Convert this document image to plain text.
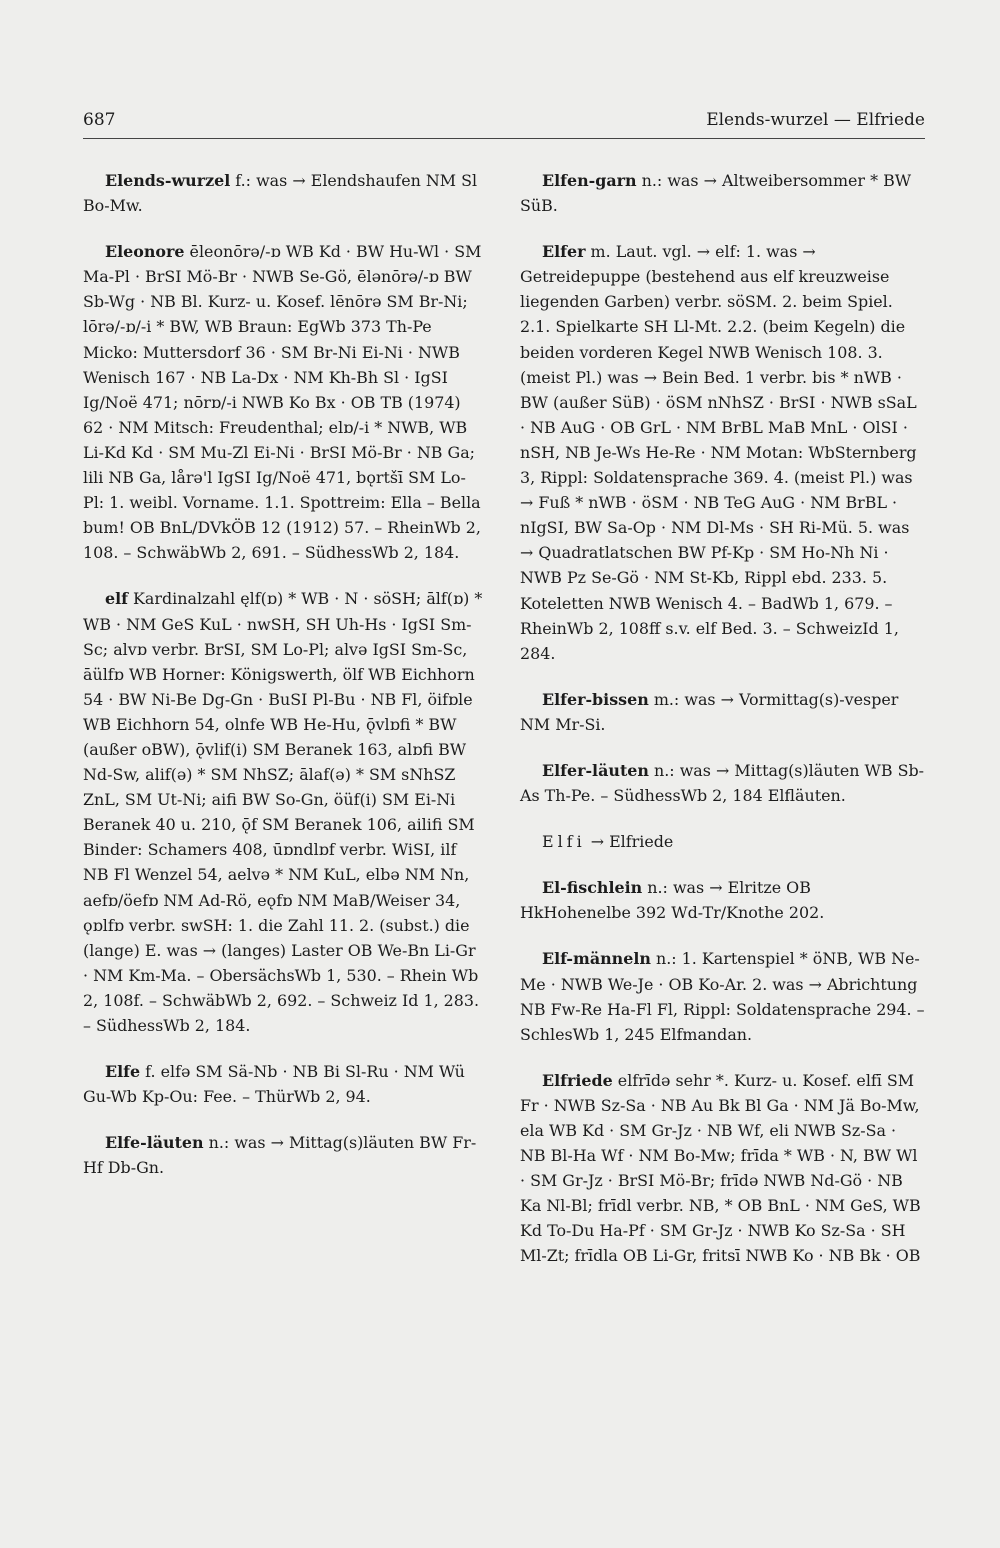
687	Elends-wurzel — Elfriede

Elends-wurzel f.: was → Elendshaufen NM Sl Bo-Mw.

Eleonore ēleonōrə/-ɒ WB Kd · BW Hu-Wl · SM Ma-Pl · BrSI Mö-Br · NWB Se-Gö, ēlənōrə/-ɒ BW Sb-Wg · NB Bl. Kurz- u. Kosef. lēnōrə SM Br-Ni; lōrə/-ɒ/-i * BW, WB Braun: EgWb 373 Th-Pe Micko: Muttersdorf 36 · SM Br-Ni Ei-Ni · NWB Wenisch 167 · NB La-Dx · NM Kh-Bh Sl · IgSI Ig/Noë 471; nōrɒ/-i NWB Ko Bx · OB TB (1974) 62 · NM Mitsch: Freudenthal; elɒ/-i * NWB, WB Li-Kd Kd · SM Mu-Zl Ei-Ni · BrSI Mö-Br · NB Ga; lili NB Ga, lårə'l IgSI Ig/Noë 471, bǫrtšī SM Lo-Pl: 1. weibl. Vorname. 1.1. Spottreim: Ella – Bella bum! OB BnL/DVkÖB 12 (1912) 57. – RheinWb 2, 108. – SchwäbWb 2, 691. – SüdhessWb 2, 184.

elf Kardinalzahl ęlf(ɒ) * WB · N · söSH; ālf(ɒ) * WB · NM GeS KuL · nwSH, SH Uh-Hs · IgSI Sm-Sc; alvɒ verbr. BrSI, SM Lo-Pl; alvə IgSI Sm-Sc, āülfɒ WB Horner: Königswerth, ölf WB Eichhorn 54 · BW Ni-Be Dg-Gn · BuSI Pl-Bu · NB Fl, öifɒle WB Eichhorn 54, olnfe WB He-Hu, ǭvlɒfi * BW (außer oBW), ǭvlif(i) SM Beranek 163, alɒfi BW Nd-Sw, alif(ə) * SM NhSZ; ālaf(ə) * SM sNhSZ ZnL, SM Ut-Ni; aifi BW So-Gn, öüf(i) SM Ei-Ni Beranek 40 u. 210, ǭf SM Beranek 106, ailifi SM Binder: Schamers 408, ūɒndlɒf verbr. WiSI, ilf NB Fl Wenzel 54, aelvə * NM KuL, elbə NM Nn, aefɒ/öefɒ NM Ad-Rö, eǫfɒ NM MaB/Weiser 34, ǫɒlfɒ verbr. swSH: 1. die Zahl 11. 2. (subst.) die (lange) E. was → (langes) Laster OB We-Bn Li-Gr · NM Km-Ma. – ObersächsWb 1, 530. – Rhein Wb 2, 108f. – SchwäbWb 2, 692. – Schweiz Id 1, 283. – SüdhessWb 2, 184.

Elfe f. elfə SM Sä-Nb · NB Bi Sl-Ru · NM Wü Gu-Wb Kp-Ou: Fee. – ThürWb 2, 94.

Elfe-läuten n.: was → Mittag(s)läuten BW Fr-Hf Db-Gn.

Elfen-garn n.: was → Altweibersommer * BW SüB.

Elfer m. Laut. vgl. → elf: 1. was → Getreidepuppe (bestehend aus elf kreuzweise liegenden Garben) verbr. söSM. 2. beim Spiel. 2.1. Spielkarte SH Ll-Mt. 2.2. (beim Kegeln) die beiden vorderen Kegel NWB Wenisch 108. 3. (meist Pl.) was → Bein Bed. 1 verbr. bis * nWB · BW (außer SüB) · öSM nNhSZ · BrSI · NWB sSaL · NB AuG · OB GrL · NM BrBL MaB MnL · OlSI · nSH, NB Je-Ws He-Re · NM Motan: WbSternberg 3, Rippl: Soldatensprache 369. 4. (meist Pl.) was → Fuß * nWB · öSM · NB TeG AuG · NM BrBL · nIgSI, BW Sa-Op · NM Dl-Ms · SH Ri-Mü. 5. was → Quadratlatschen BW Pf-Kp · SM Ho-Nh Ni · NWB Pz Se-Gö · NM St-Kb, Rippl ebd. 233. 5. Koteletten NWB Wenisch 4. – BadWb 1, 679. – RheinWb 2, 108ff s.v. elf Bed. 3. – SchweizId 1, 284.

Elfer-bissen m.: was → Vormittag(s)-vesper NM Mr-Si.

Elfer-läuten n.: was → Mittag(s)läuten WB Sb-As Th-Pe. – SüdhessWb 2, 184 Elfläuten.

Elfi → Elfriede

El-fischlein n.: was → Elritze OB HkHohenelbe 392 Wd-Tr/Knothe 202.

Elf-männeln n.: 1. Kartenspiel * öNB, WB Ne-Me · NWB We-Je · OB Ko-Ar. 2. was → Abrichtung NB Fw-Re Ha-Fl Fl, Rippl: Soldatensprache 294. – SchlesWb 1, 245 Elfmandan.

Elfriede elfrīdə sehr *. Kurz- u. Kosef. elfī SM Fr · NWB Sz-Sa · NB Au Bk Bl Ga · NM Jä Bo-Mw, ela WB Kd · SM Gr-Jz · NB Wf, eli NWB Sz-Sa · NB Bl-Ha Wf · NM Bo-Mw; frīda * WB · N, BW Wl · SM Gr-Jz · BrSI Mö-Br; frīdə NWB Nd-Gö · NB Ka Nl-Bl; frīdl verbr. NB, * OB BnL · NM GeS, WB Kd To-Du Ha-Pf · SM Gr-Jz · NWB Ko Sz-Sa · SH Ml-Zt; frīdla OB Li-Gr, fritsī NWB Ko · NB Bk · OB
